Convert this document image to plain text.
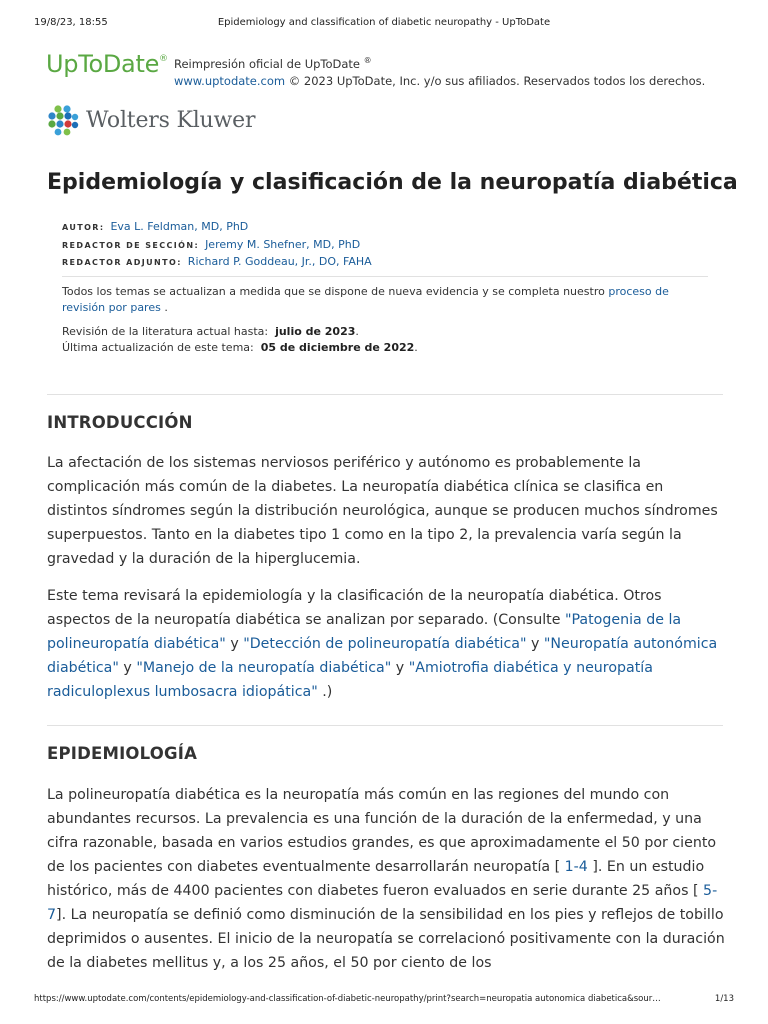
19/8/23, 18:55	Epidemiology and classification of diabetic neuropathy - UpToDate
UpToDate® Reimpresión oficial de UpToDate ®
www.uptodate.com © 2023 UpToDate, Inc. y/o sus afiliados. Reservados todos los derechos.
Wolters Kluwer
Epidemiología y clasificación de la neuropatía diabética
AUTOR: Eva L. Feldman, MD, PhD
REDACTOR DE SECCIÓN: Jeremy M. Shefner, MD, PhD
REDACTOR ADJUNTO: Richard P. Goddeau, Jr., DO, FAHA
Todos los temas se actualizan a medida que se dispone de nueva evidencia y se completa nuestro proceso de revisión por pares .
Revisión de la literatura actual hasta: julio de 2023.
Última actualización de este tema: 05 de diciembre de 2022.
INTRODUCCIÓN

La afectación de los sistemas nerviosos periférico y autónomo es probablemente la complicación más común de la diabetes. La neuropatía diabética clínica se clasifica en distintos síndromes según la distribución neurológica, aunque se producen muchos síndromes superpuestos. Tanto en la diabetes tipo 1 como en la tipo 2, la prevalencia varía según la gravedad y la duración de la hiperglucemia.

Este tema revisará la epidemiología y la clasificación de la neuropatía diabética. Otros aspectos de la neuropatía diabética se analizan por separado. (Consulte "Patogenia de la polineuropatía diabética" y "Detección de polineuropatía diabética" y "Neuropatía autonómica diabética" y "Manejo de la neuropatía diabética" y "Amiotrofia diabética y neuropatía radiculoplexus lumbosacra idiopática" .)

EPIDEMIOLOGÍA

La polineuropatía diabética es la neuropatía más común en las regiones del mundo con abundantes recursos. La prevalencia es una función de la duración de la enfermedad, y una cifra razonable, basada en varios estudios grandes, es que aproximadamente el 50 por ciento de los pacientes con diabetes eventualmente desarrollarán neuropatía [ 1-4 ]. En un estudio histórico, más de 4400 pacientes con diabetes fueron evaluados en serie durante 25 años [ 5-7]. La neuropatía se definió como disminución de la sensibilidad en los pies y reflejos de tobillo deprimidos o ausentes. El inicio de la neuropatía se correlacionó positivamente con la duración de la diabetes mellitus y, a los 25 años, el 50 por ciento de los

https://www.uptodate.com/contents/epidemiology-and-classification-of-diabetic-neuropathy/print?search=neuropatia autonomica diabetica&sour…	1/13
